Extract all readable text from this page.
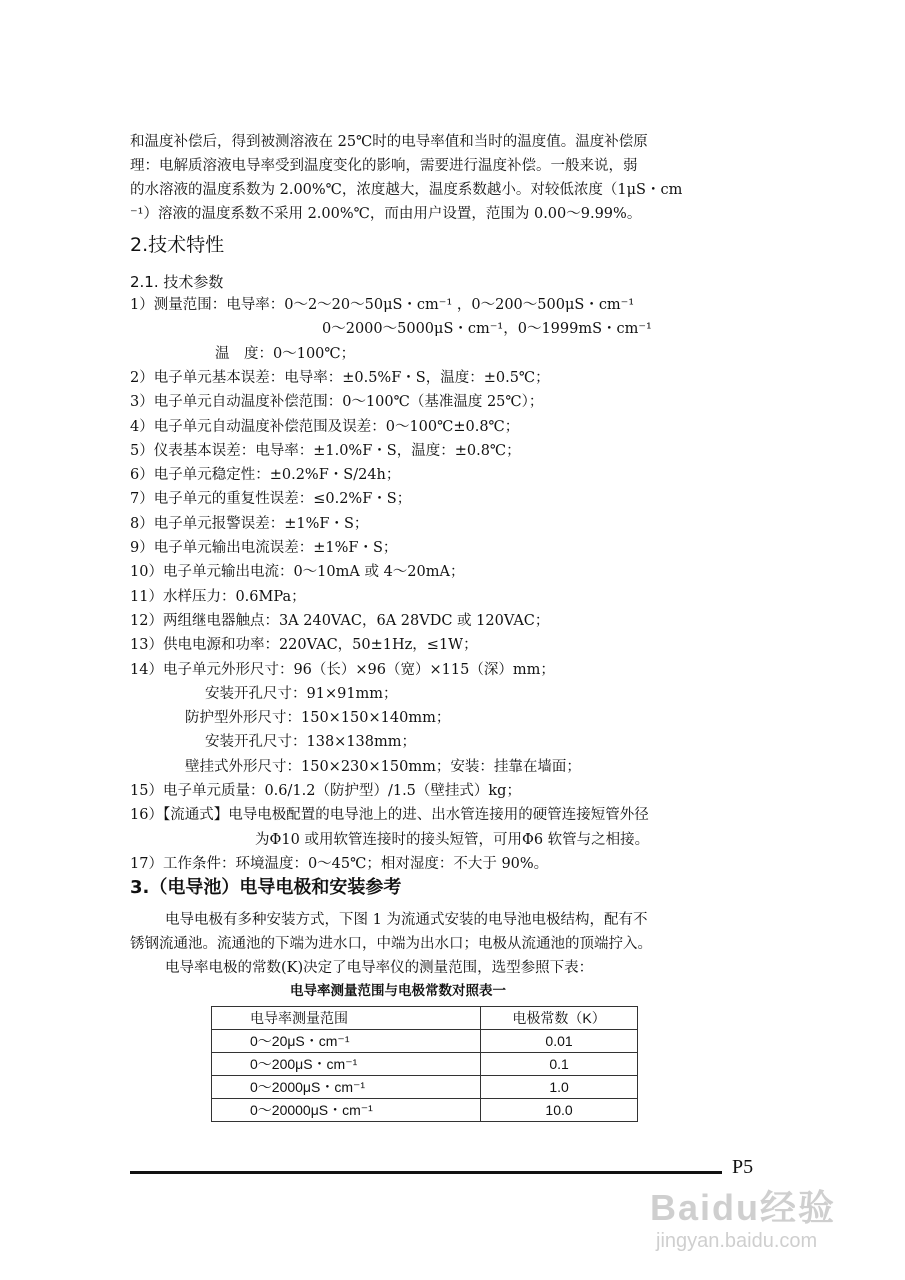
和温度补偿后，得到被测溶液在 25℃时的电导率值和当时的温度值。温度补偿原
理：电解质溶液电导率受到温度变化的影响，需要进行温度补偿。一般来说，弱
的水溶液的温度系数为 2.00%℃，浓度越大，温度系数越小。对较低浓度（1μS・cm
⁻¹）溶液的温度系数不采用 2.00%℃，而由用户设置，范围为 0.00～9.99%。
2.技术特性
2.1. 技术参数
1）测量范围：电导率：0～2～20～50μS・cm⁻¹ ，0～200～500μS・cm⁻¹
0～2000～5000μS・cm⁻¹，0～1999mS・cm⁻¹
温　度：0～100℃；
2）电子单元基本误差：电导率：±0.5%F・S，温度：±0.5℃；
3）电子单元自动温度补偿范围：0～100℃（基准温度 25℃）；
4）电子单元自动温度补偿范围及误差：0～100℃±0.8℃；
5）仪表基本误差：电导率：±1.0%F・S，温度：±0.8℃；
6）电子单元稳定性：±0.2%F・S/24h；
7）电子单元的重复性误差：≤0.2%F・S；
8）电子单元报警误差：±1%F・S；
9）电子单元输出电流误差：±1%F・S；
10）电子单元输出电流：0～10mA 或 4～20mA；
11）水样压力：0.6MPa；
12）两组继电器触点：3A 240VAC，6A 28VDC 或 120VAC；
13）供电电源和功率：220VAC，50±1Hz，≤1W；
14）电子单元外形尺寸：96（长）×96（宽）×115（深）mm；
安装开孔尺寸：91×91mm；
防护型外形尺寸：150×150×140mm；
安装开孔尺寸：138×138mm；
壁挂式外形尺寸：150×230×150mm；安装：挂靠在墙面；
15）电子单元质量：0.6/1.2（防护型）/1.5（壁挂式）kg；
16）【流通式】电导电极配置的电导池上的进、出水管连接用的硬管连接短管外径
为Φ10 或用软管连接时的接头短管，可用Φ6 软管与之相接。
17）工作条件：环境温度：0～45℃；相对湿度：不大于 90%。
3.（电导池）电导电极和安装参考
电导电极有多种安装方式，下图 1 为流通式安装的电导池电极结构，配有不
锈钢流通池。流通池的下端为进水口，中端为出水口；电极从流通池的顶端拧入。
电导率电极的常数(K)决定了电导率仪的测量范围，选型参照下表：
电导率测量范围与电极常数对照表一
电导率测量范围	电极常数（K）
0～20μS・cm⁻¹	0.01
0～200μS・cm⁻¹	0.1
0～2000μS・cm⁻¹	1.0
0～20000μS・cm⁻¹	10.0
P5
Baidu经验
jingyan.baidu.com
